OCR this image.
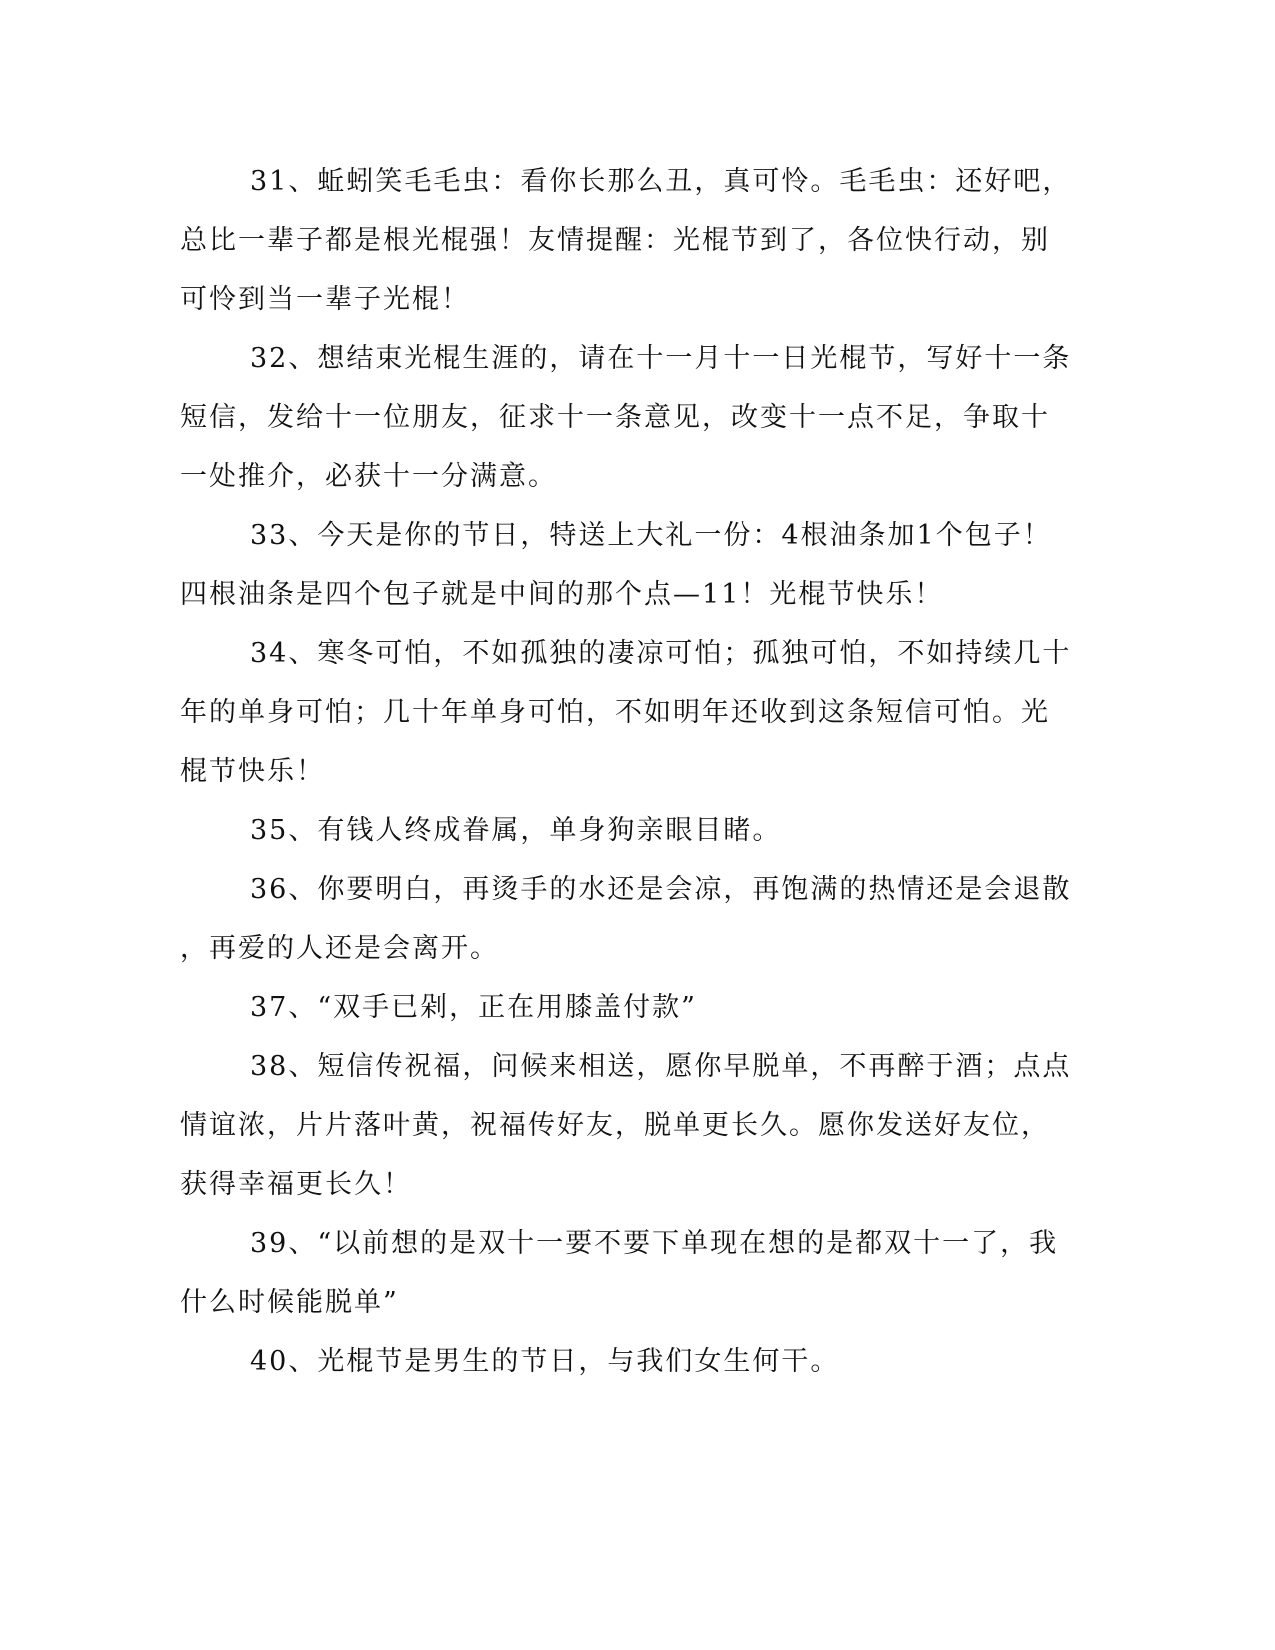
31、蚯蚓笑毛毛虫：看你长那么丑，真可怜。毛毛虫：还好吧，
总比一辈子都是根光棍强！友情提醒：光棍节到了，各位快行动，别
可怜到当一辈子光棍！
32、想结束光棍生涯的，请在十一月十一日光棍节，写好十一条
短信，发给十一位朋友，征求十一条意见，改变十一点不足，争取十
一处推介，必获十一分满意。
33、今天是你的节日，特送上大礼一份：4根油条加1个包子！
四根油条是四个包子就是中间的那个点—11！光棍节快乐！
34、寒冬可怕，不如孤独的凄凉可怕；孤独可怕，不如持续几十
年的单身可怕；几十年单身可怕，不如明年还收到这条短信可怕。光
棍节快乐！
35、有钱人终成眷属，单身狗亲眼目睹。
36、你要明白，再烫手的水还是会凉，再饱满的热情还是会退散
，再爱的人还是会离开。
37、“双手已剁，正在用膝盖付款”
38、短信传祝福，问候来相送，愿你早脱单，不再醉于酒；点点
情谊浓，片片落叶黄，祝福传好友，脱单更长久。愿你发送好友位，
获得幸福更长久！
39、“以前想的是双十一要不要下单现在想的是都双十一了，我
什么时候能脱单”
40、光棍节是男生的节日，与我们女生何干。
